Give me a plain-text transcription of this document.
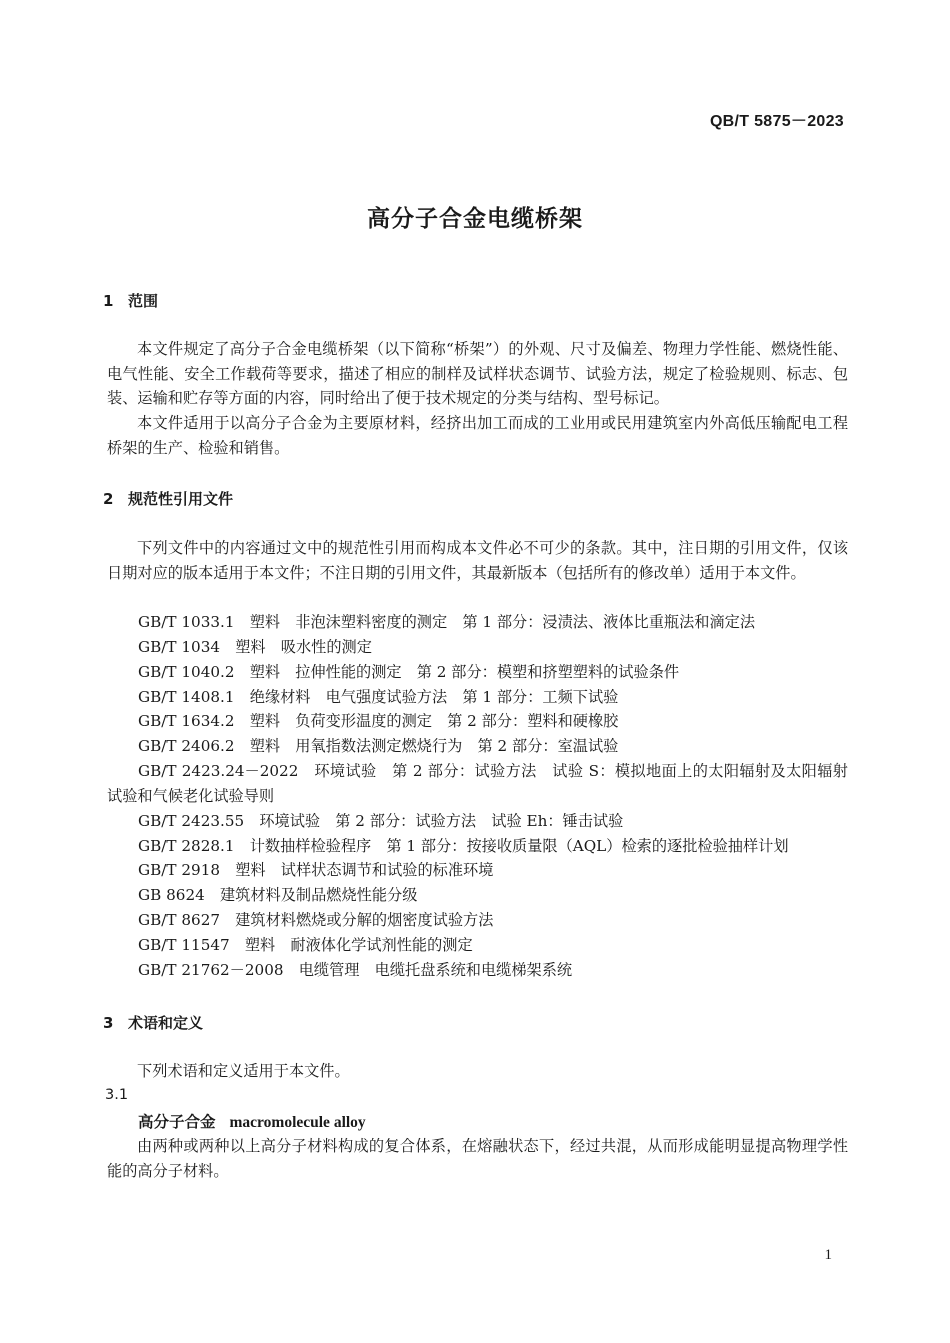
QB/T 5875－2023
高分子合金电缆桥架
1 范围

本文件规定了高分子合金电缆桥架（以下简称“桥架”）的外观、尺寸及偏差、物理力学性能、燃烧性能、电气性能、安全工作载荷等要求，描述了相应的制样及试样状态调节、试验方法，规定了检验规则、标志、包装、运输和贮存等方面的内容，同时给出了便于技术规定的分类与结构、型号标记。

本文件适用于以高分子合金为主要原材料，经挤出加工而成的工业用或民用建筑室内外高低压输配电工程桥架的生产、检验和销售。

2 规范性引用文件

下列文件中的内容通过文中的规范性引用而构成本文件必不可少的条款。其中，注日期的引用文件，仅该日期对应的版本适用于本文件；不注日期的引用文件，其最新版本（包括所有的修改单）适用于本文件。

GB/T 1033.1　塑料　非泡沫塑料密度的测定　第 1 部分：浸渍法、液体比重瓶法和滴定法
GB/T 1034　塑料　吸水性的测定
GB/T 1040.2　塑料　拉伸性能的测定　第 2 部分：模塑和挤塑塑料的试验条件
GB/T 1408.1　绝缘材料　电气强度试验方法　第 1 部分：工频下试验
GB/T 1634.2　塑料　负荷变形温度的测定　第 2 部分：塑料和硬橡胶
GB/T 2406.2　塑料　用氧指数法测定燃烧行为　第 2 部分：室温试验
GB/T 2423.24－2022　环境试验　第 2 部分：试验方法　试验 S：模拟地面上的太阳辐射及太阳辐射试验和气候老化试验导则
GB/T 2423.55　环境试验　第 2 部分：试验方法　试验 Eh：锤击试验
GB/T 2828.1　计数抽样检验程序　第 1 部分：按接收质量限（AQL）检索的逐批检验抽样计划
GB/T 2918　塑料　试样状态调节和试验的标准环境
GB 8624　建筑材料及制品燃烧性能分级
GB/T 8627　建筑材料燃烧或分解的烟密度试验方法
GB/T 11547　塑料　耐液体化学试剂性能的测定
GB/T 21762－2008　电缆管理　电缆托盘系统和电缆梯架系统
3 术语和定义

下列术语和定义适用于本文件。

3.1
高分子合金 macromolecule alloy

由两种或两种以上高分子材料构成的复合体系，在熔融状态下，经过共混，从而形成能明显提高物理学性能的高分子材料。

1
